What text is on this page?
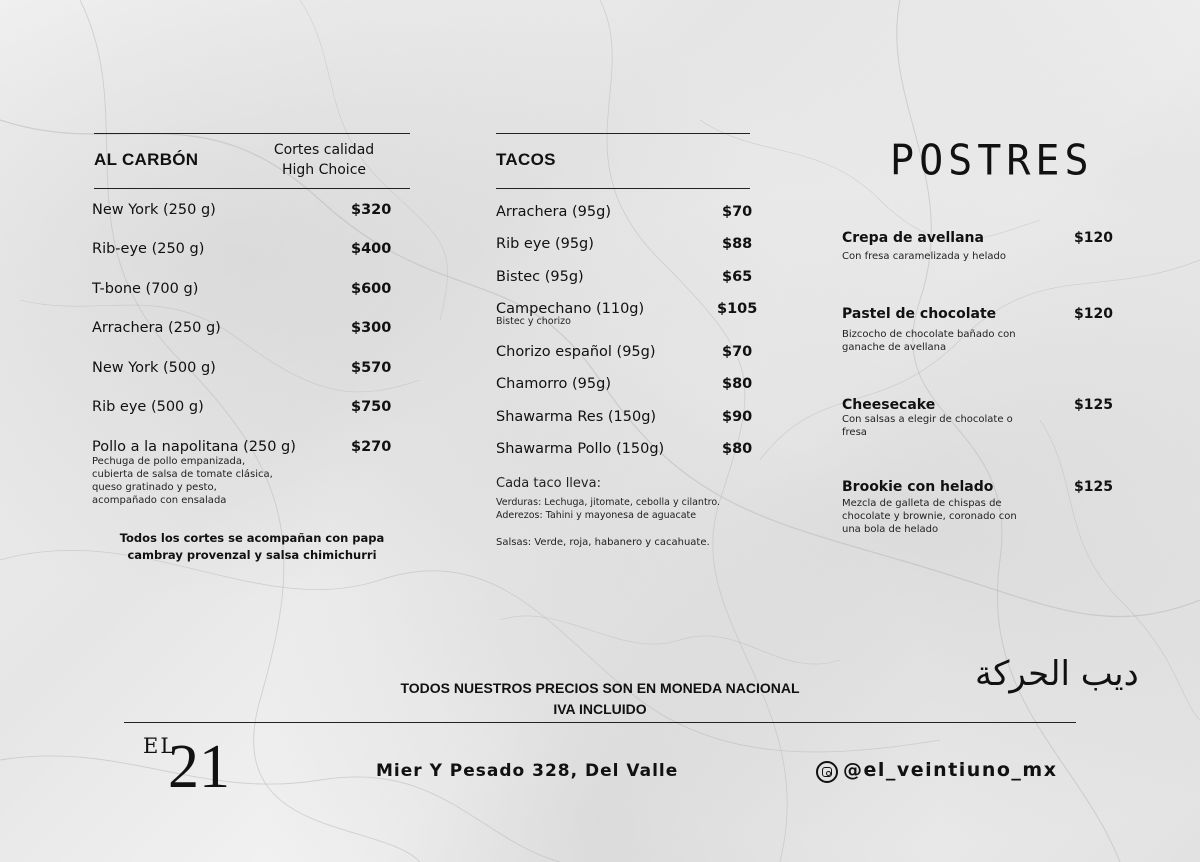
AL CARBÓN	Cortes calidad
High Choice
New York (250 g)	$320
Rib-eye (250 g)	$400
T-bone (700 g)	$600
Arrachera (250 g)	$300
New York (500 g)	$570
Rib eye (500 g)	$750
Pollo a la napolitana (250 g)	$270
Pechuga de pollo empanizada,
cubierta de salsa de tomate clásica,
queso gratinado y pesto,
acompañado con ensalada
Todos los cortes se acompañan con papa
cambray provenzal y salsa chimichurri
TACOS
Arrachera (95g)	$70
Rib eye (95g)	$88
Bistec (95g)	$65
Campechano (110g)	$105
Bistec y chorizo
Chorizo español (95g)	$70
Chamorro (95g)	$80
Shawarma Res (150g)	$90
Shawarma Pollo (150g)	$80
Cada taco lleva:
Verduras: Lechuga, jitomate, cebolla y cilantro.
Aderezos: Tahini y mayonesa de aguacate
Salsas: Verde, roja, habanero y cacahuate.
POSTRES
Crepa de avellana	$120
Con fresa caramelizada y helado
Pastel de chocolate	$120
Bizcocho de chocolate bañado con
ganache de avellana
Cheesecake	$125
Con salsas a elegir de chocolate o
fresa
Brookie con helado	$125
Mezcla de galleta de chispas de
chocolate y brownie, coronado con
una bola de helado
ديب الحركة
TODOS NUESTROS PRECIOS SON EN MONEDA NACIONAL
IVA INCLUIDO
EL
21	Mier Y Pesado 328, Del Valle	@el_veintiuno_mx
